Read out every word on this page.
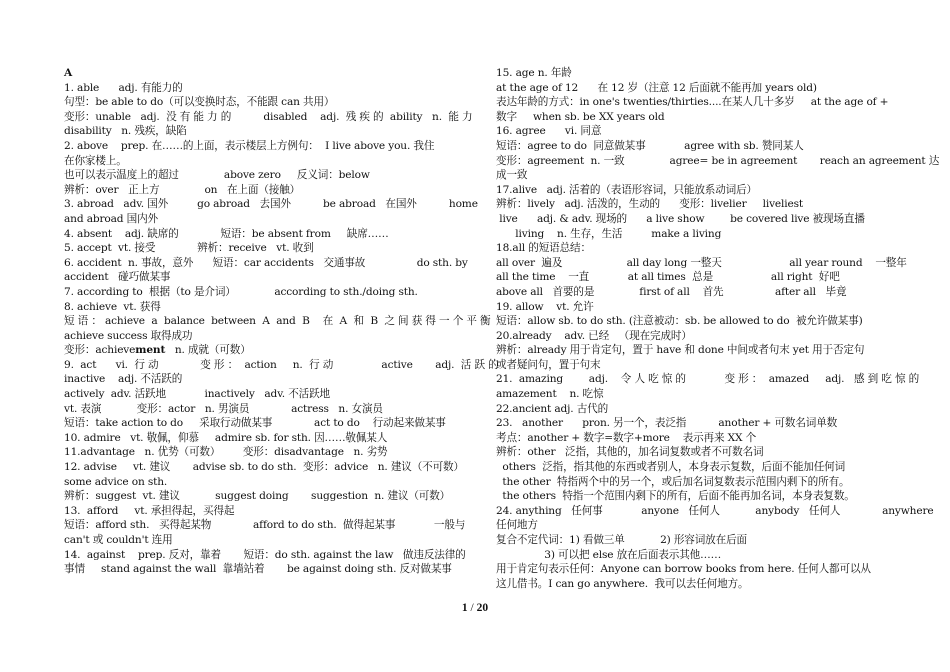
A
1. able      adj. 有能力的
句型：be able to do（可以变换时态，不能跟 can 共用）
变形：unable   adj.  没 有 能 力 的          disabled    adj.  残 疾 的  ability   n.  能 力
disability   n. 残疾，缺陷
2. above    prep. 在……的上面，表示楼层上方例句：  I live above you. 我住
在你家楼上。
也可以表示温度上的超过              above zero     反义词：below
辨析：over   正上方              on   在上面（接触）
3. abroad   adv. 国外         go abroad   去国外          be abroad   在国外          home
and abroad 国内外
4. absent    adj. 缺席的             短语：be absent from     缺席……
5. accept  vt. 接受             辨析：receive   vt. 收到
6. accident  n. 事故，意外      短语：car accidents   交通事故                do sth. by
accident   碰巧做某事
7. according to  根据（to 是介词）            according to sth./doing sth.
8. achieve  vt. 获得
短 语 ： achieve  a  balance  between  A  and  B    在  A  和  B  之 间 获 得 一 个 平 衡
achieve success 取得成功
变形：achievement   n. 成就（可数）
9.  act      vi.  行 动             变 形 ：  action     n.  行 动               active       adj.  活 跃 的
inactive    adj. 不活跃的
actively  adv. 活跃地            inactively   adv. 不活跃地
vt. 表演           变形：actor   n. 男演员             actress   n. 女演员
短语：take action to do     采取行动做某事             act to do    行动起来做某事
10. admire   vt. 敬佩，仰慕     admire sb. for sth. 因……敬佩某人
11.advantage   n. 优势（可数）       变形：disadvantage   n. 劣势
12. advise     vt. 建议       advise sb. to do sth.  变形：advice   n. 建议（不可数）
some advice on sth.
辨析：suggest  vt. 建议           suggest doing       suggestion  n. 建议（可数）
13.  afford     vt. 承担得起，买得起
短语：afford sth.   买得起某物             afford to do sth.  做得起某事            一般与
can't 或 couldn't 连用
14.  against    prep. 反对，靠着       短语：do sth. against the law   做违反法律的
事情     stand against the wall  靠墙站着       be against doing sth. 反对做某事
15. age n. 年龄
at the age of 12      在 12 岁（注意 12 后面就不能再加 years old)
表达年龄的方式：in one's twenties/thirties....在某人几十多岁     at the age of +
数字     when sb. be XX years old
16. agree      vi. 同意
短语：agree to do  同意做某事            agree with sb. 赞同某人
变形：agreement  n. 一致              agree= be in agreement       reach an agreement 达
成一致
17.alive   adj. 活着的（表语形容词，只能放系动词后）
辨析：lively   adj. 活泼的，生动的      变形：livelier     liveliest
live      adj. & adv. 现场的      a live show        be covered live 被现场直播
living    n. 生存，生活         make a living
18.all 的短语总结：
all over  遍及                    all day long 一整天                     all year round    一整年
all the time    一直            at all times  总是                  all right  好吧
above all   首要的是              first of all    首先                after all   毕竟
19. allow    vt. 允许
短语：allow sb. to do sth. (注意被动：sb. be allowed to do  被允许做某事)
20.already    adv. 已经   （现在完成时）
辨析：already 用于肯定句，置于 have 和 done 中间或者句末 yet 用于否定句
或者疑问句，置于句末
21.  amazing        adj.    令 人 吃 惊 的            变 形 ：  amazed     adj.   感 到 吃 惊 的
amazement    n. 吃惊
22.ancient adj. 古代的
23.   another      pron. 另一个，表泛指          another + 可数名词单数
考点：another + 数字=数字+more    表示再来 XX 个
辨析：other   泛指，其他的，加名词复数或者不可数名词
others  泛指，指其他的东西或者别人，本身表示复数，后面不能加任何词
the other  特指两个中的另一个，或后加名词复数表示范围内剩下的所有。
the others  特指一个范围内剩下的所有，后面不能再加名词，本身表复数。
24. anything   任何事            anyone   任何人           anybody   任何人             anywhere
任何地方
复合不定代词：1) 看做三单           2) 形容词放在后面
3) 可以把 else 放在后面表示其他……
用于肯定句表示任何：Anyone can borrow books from here. 任何人都可以从
这儿借书。I can go anywhere.  我可以去任何地方。
1 / 20
